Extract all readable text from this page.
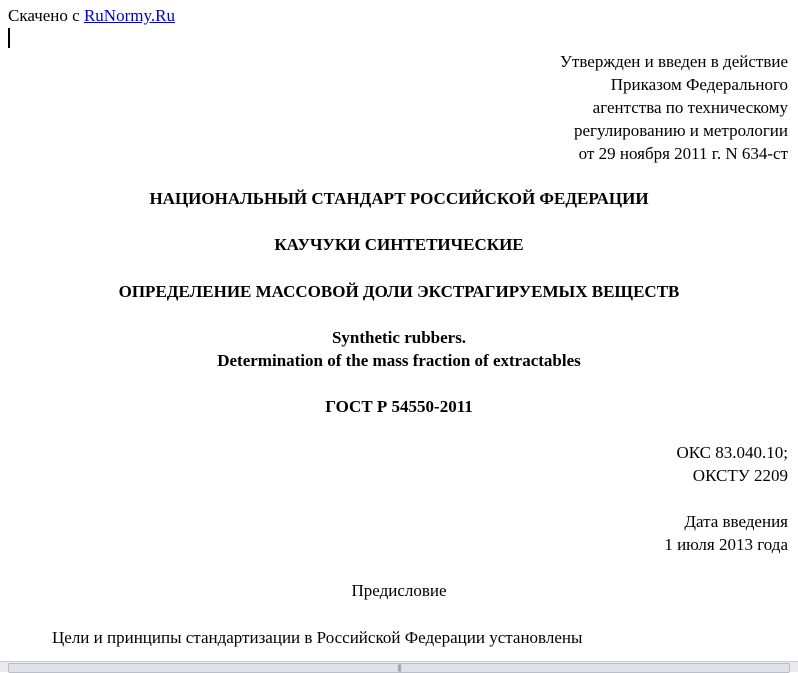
Скачено с RuNormy.Ru
Утвержден и введен в действие
Приказом Федерального
агентства по техническому
регулированию и метрологии
от 29 ноября 2011 г. N 634-ст
НАЦИОНАЛЬНЫЙ СТАНДАРТ РОССИЙСКОЙ ФЕДЕРАЦИИ
КАУЧУКИ СИНТЕТИЧЕСКИЕ
ОПРЕДЕЛЕНИЕ МАССОВОЙ ДОЛИ ЭКСТРАГИРУЕМЫХ ВЕЩЕСТВ
Synthetic rubbers.
Determination of the mass fraction of extractables
ГОСТ Р 54550-2011
ОКС 83.040.10;
ОКСТУ 2209
Дата введения
1 июля 2013 года
Предисловие
Цели и принципы стандартизации в Российской Федерации установлены
|||
